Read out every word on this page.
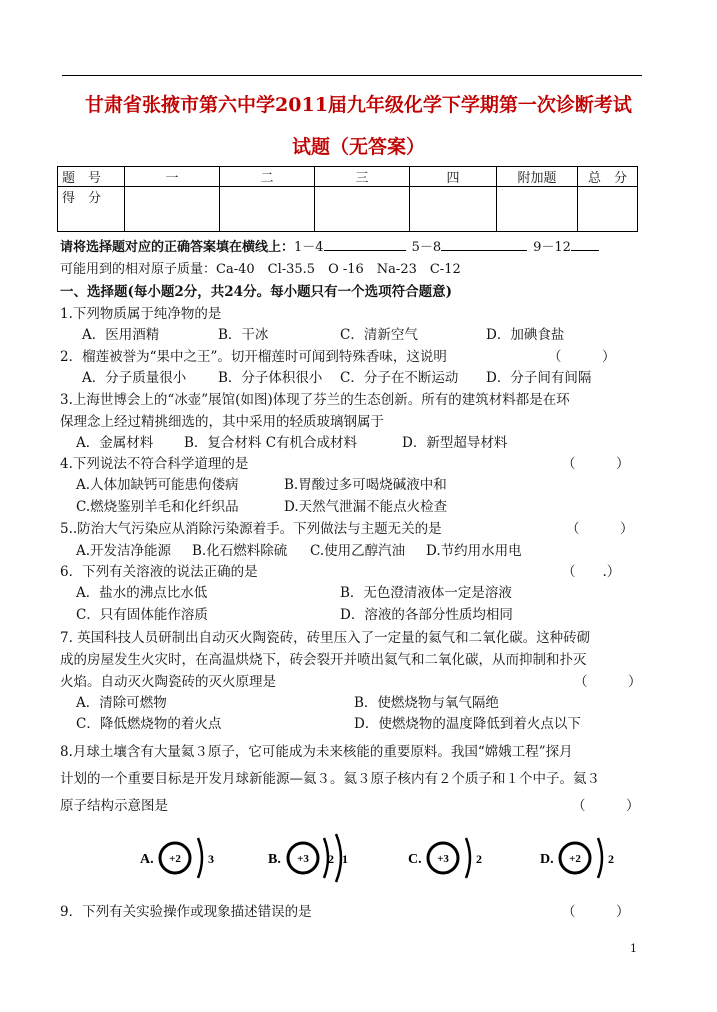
甘肃省张掖市第六中学2011届九年级化学下学期第一次诊断考试
试题（无答案）
题　号	一	二	三	四	附加题	总　分
得　分						
请将选择题对应的正确答案填在横线上：1－4	5－8	9－12
可能用到的相对原子质量：Ca-40　Cl-35.5　O -16　Na-23　C-12
一、选择题(每小题2分，共24分。每小题只有一个选项符合题意)
1.下列物质属于纯净物的是
A．医用酒精	B．干冰	C．清新空气	D．加碘食盐
2．榴莲被誉为“果中之王”。切开榴莲时可闻到特殊香味，这说明	（　　　）
A．分子质量很小 B．分子体积很小 C．分子在不断运动 D．分子间有间隔
3.上海世博会上的“冰壶”展馆(如图)体现了芬兰的生态创新。所有的建筑材料都是在环
保理念上经过精挑细选的，其中采用的轻质玻璃钢属于
A．金属材料 B．复合材料 C有机合成材料	D．新型超导材料
4.下列说法不符合科学道理的是	（　　　）
A.人体加缺钙可能患佝偻病	B.胃酸过多可喝烧碱液中和
C.燃烧鉴别羊毛和化纤织品	D.天然气泄漏不能点火检查
5..防治大气污染应从消除污染源着手。下列做法与主题无关的是	（　　　）
A.开发洁净能源 B.化石燃料除硫 C.使用乙醇汽油 D.节约用水用电
6．下列有关溶液的说法正确的是	（　　.）
A．盐水的沸点比水低	B．无色澄清液体一定是溶液
C．只有固体能作溶质	D．溶液的各部分性质均相同
7. 英国科技人员研制出自动灭火陶瓷砖，砖里压入了一定量的氦气和二氧化碳。这种砖砌
成的房屋发生火灾时，在高温烘烧下，砖会裂开并喷出氦气和二氧化碳，从而抑制和扑灭
火焰。自动灭火陶瓷砖的灭火原理是	（　　　）
A．清除可燃物	B．使燃烧物与氧气隔绝
C．降低燃烧物的着火点	D．使燃烧物的温度降低到着火点以下
8.月球土壤含有大量氦３原子，它可能成为未来核能的重要原料。我国“嫦娥工程”探月
计划的一个重要目标是开发月球新能源—氦３。氦３原子核内有２个质子和１个中子。氦３
原子结构示意图是	（　　　）
A. +2 3	B. +3 2 1	C. +3 2	D. +2 2
9．下列有关实验操作或现象描述错误的是	（　　　）
1
